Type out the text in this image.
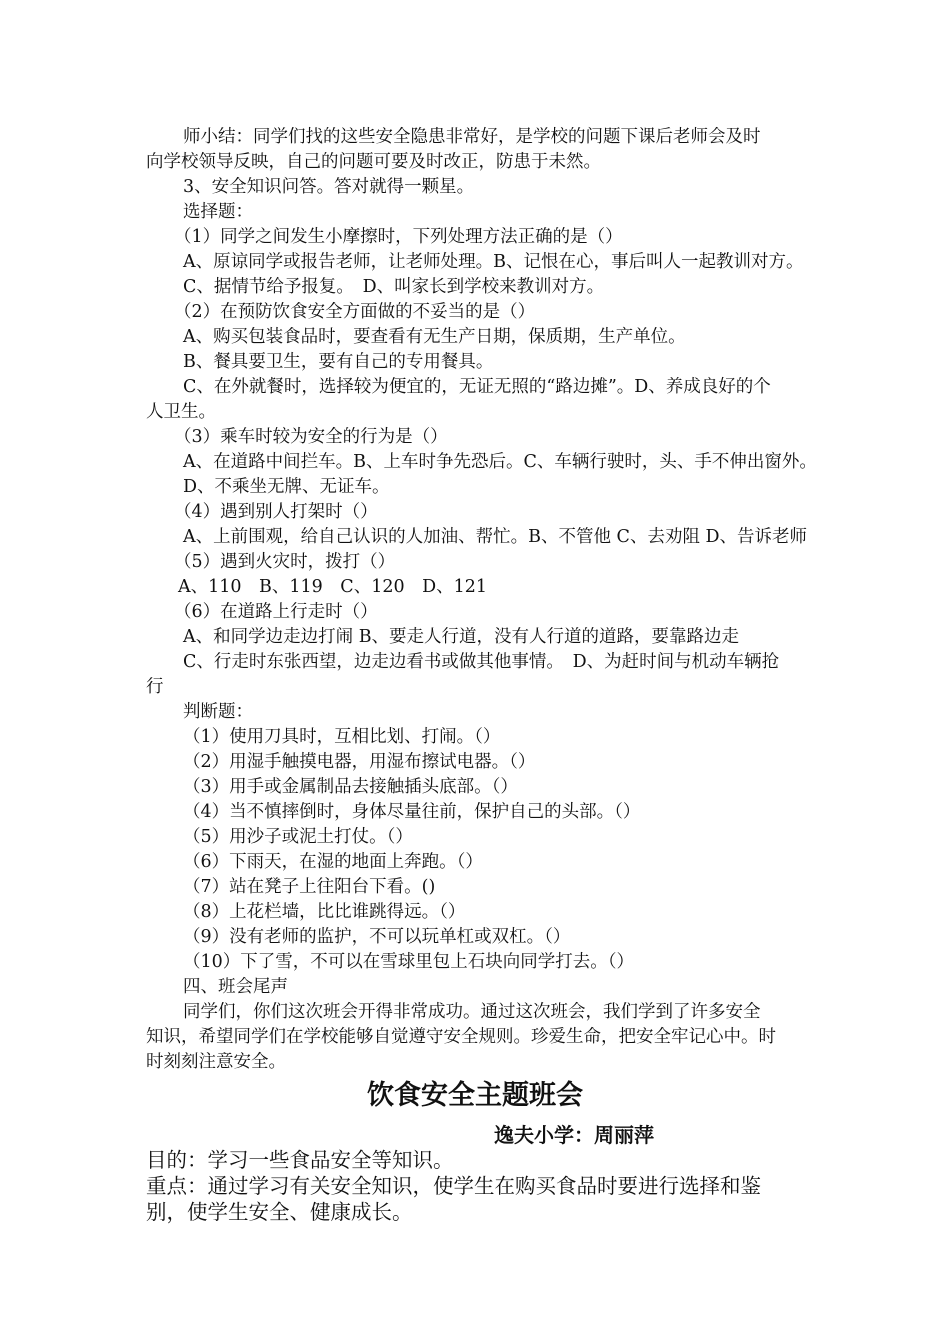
师小结：同学们找的这些安全隐患非常好，是学校的问题下课后老师会及时
向学校领导反映，自己的问题可要及时改正，防患于未然。
3、安全知识问答。答对就得一颗星。
选择题：
（1）同学之间发生小摩擦时，下列处理方法正确的是（）
A、原谅同学或报告老师，让老师处理。B、记恨在心，事后叫人一起教训对方。
C、据情节给予报复。　D、叫家长到学校来教训对方。
（2）在预防饮食安全方面做的不妥当的是（）
A、购买包装食品时，要查看有无生产日期，保质期，生产单位。
B、餐具要卫生，要有自己的专用餐具。
C、在外就餐时，选择较为便宜的，无证无照的“路边摊”。D、养成良好的个
人卫生。
（3）乘车时较为安全的行为是（）
A、在道路中间拦车。B、上车时争先恐后。C、车辆行驶时，头、手不伸出窗外。
D、不乘坐无牌、无证车。
（4）遇到别人打架时（）
A、上前围观，给自己认识的人加油、帮忙。B、不管他 C、去劝阻 D、告诉老师
（5）遇到火灾时，拨打（）
A、110　B、119　C、120　D、121
（6）在道路上行走时（）
A、和同学边走边打闹 B、要走人行道，没有人行道的道路，要靠路边走
C、行走时东张西望，边走边看书或做其他事情。　D、为赶时间与机动车辆抢
行
判断题：
（1）使用刀具时，互相比划、打闹。（）
（2）用湿手触摸电器，用湿布擦试电器。（）
（3）用手或金属制品去接触插头底部。（）
（4）当不慎摔倒时，身体尽量往前，保护自己的头部。（）
（5）用沙子或泥土打仗。（）
（6）下雨天，在湿的地面上奔跑。（）
（7）站在凳子上往阳台下看。()
（8）上花栏墙，比比谁跳得远。（）
（9）没有老师的监护，不可以玩单杠或双杠。（）
（10）下了雪，不可以在雪球里包上石块向同学打去。（）
四、班会尾声
同学们，你们这次班会开得非常成功。通过这次班会，我们学到了许多安全
知识，希望同学们在学校能够自觉遵守安全规则。珍爱生命，把安全牢记心中。时
时刻刻注意安全。
饮食安全主题班会
逸夫小学：周丽萍
目的：学习一些食品安全等知识。
重点：通过学习有关安全知识，使学生在购买食品时要进行选择和鉴
别，使学生安全、健康成长。
